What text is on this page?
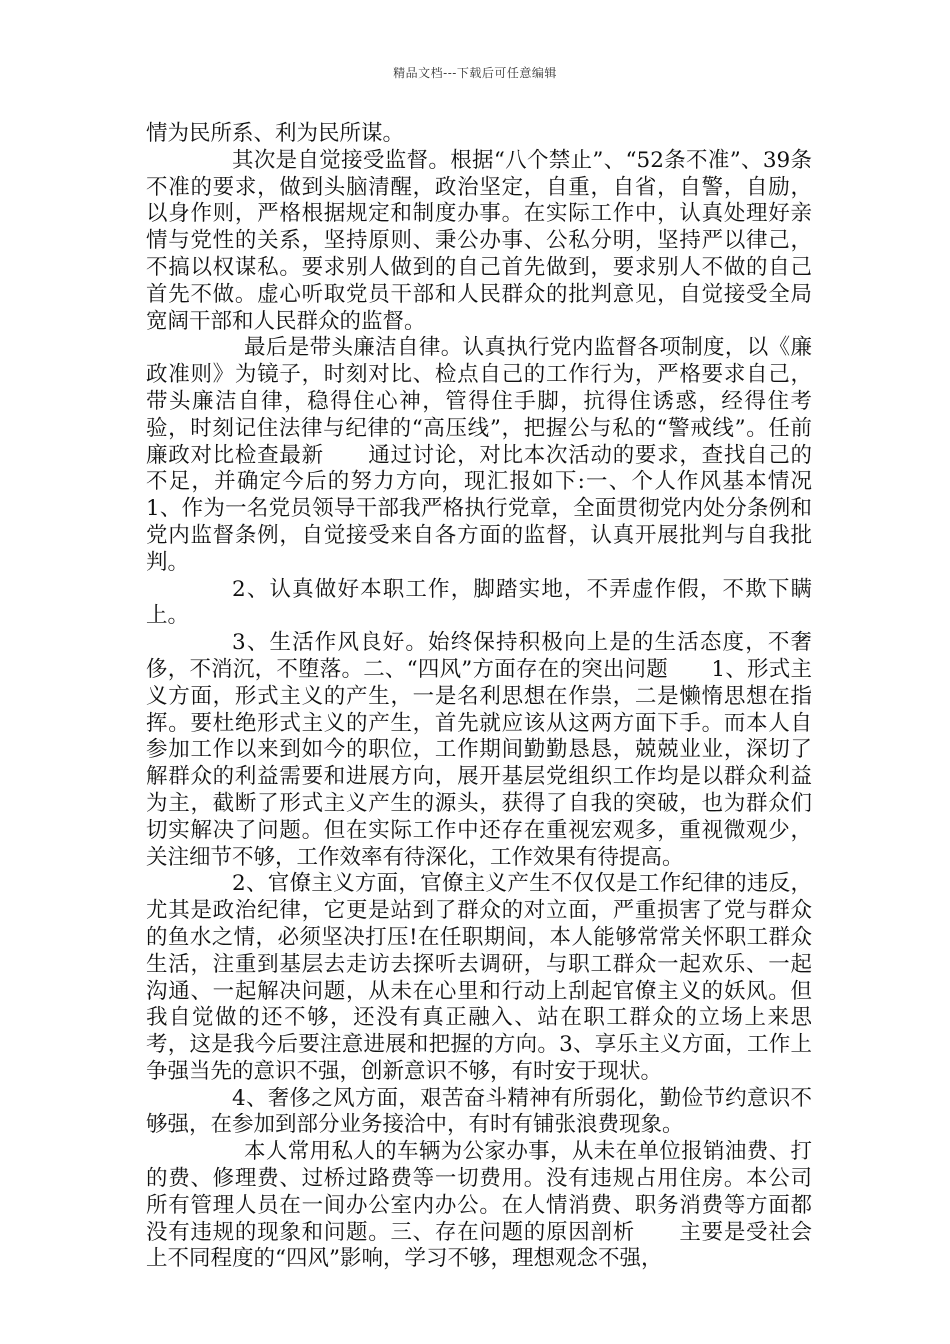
精品文档---下载后可任意编辑

情为民所系、利为民所谋。

其次是自觉接受监督。根据“八个禁止”、“52条不准”、39条不准的要求，做到头脑清醒，政治坚定，自重，自省，自警，自励，以身作则，严格根据规定和制度办事。在实际工作中，认真处理好亲情与党性的关系，坚持原则、秉公办事、公私分明，坚持严以律己，不搞以权谋私。要求别人做到的自己首先做到，要求别人不做的自己首先不做。虚心听取党员干部和人民群众的批判意见，自觉接受全局宽阔干部和人民群众的监督。

最后是带头廉洁自律。认真执行党内监督各项制度，以《廉政准则》为镜子，时刻对比、检点自己的工作行为，严格要求自己，带头廉洁自律，稳得住心神，管得住手脚，抗得住诱惑，经得住考验，时刻记住法律与纪律的“高压线”，把握公与私的“警戒线”。任前廉政对比检查最新　　通过讨论，对比本次活动的要求，查找自己的不足，并确定今后的努力方向，现汇报如下:一、个人作风基本情况　　1、作为一名党员领导干部我严格执行党章，全面贯彻党内处分条例和党内监督条例，自觉接受来自各方面的监督，认真开展批判与自我批判。

2、认真做好本职工作，脚踏实地，不弄虚作假，不欺下瞒上。

3、生活作风良好。始终保持积极向上是的生活态度，不奢侈，不消沉，不堕落。二、“四风”方面存在的突出问题　　1、形式主义方面，形式主义的产生，一是名利思想在作祟，二是懒惰思想在指挥。要杜绝形式主义的产生，首先就应该从这两方面下手。而本人自参加工作以来到如今的职位，工作期间勤勤恳恳，兢兢业业，深切了解群众的利益需要和进展方向，展开基层党组织工作均是以群众利益为主，截断了形式主义产生的源头，获得了自我的突破，也为群众们切实解决了问题。但在实际工作中还存在重视宏观多，重视微观少，关注细节不够，工作效率有待深化，工作效果有待提高。

2、官僚主义方面，官僚主义产生不仅仅是工作纪律的违反，尤其是政治纪律，它更是站到了群众的对立面，严重损害了党与群众的鱼水之情，必须坚决打压!在任职期间，本人能够常常关怀职工群众生活，注重到基层去走访去探听去调研，与职工群众一起欢乐、一起沟通、一起解决问题，从未在心里和行动上刮起官僚主义的妖风。但我自觉做的还不够，还没有真正融入、站在职工群众的立场上来思考，这是我今后要注意进展和把握的方向。3、享乐主义方面，工作上争强当先的意识不强，创新意识不够，有时安于现状。

4、奢侈之风方面，艰苦奋斗精神有所弱化，勤俭节约意识不够强，在参加到部分业务接洽中，有时有铺张浪费现象。

本人常用私人的车辆为公家办事，从未在单位报销油费、打的费、修理费、过桥过路费等一切费用。没有违规占用住房。本公司所有管理人员在一间办公室内办公。在人情消费、职务消费等方面都没有违规的现象和问题。三、存在问题的原因剖析　　主要是受社会上不同程度的“四风”影响，学习不够，理想观念不强，
